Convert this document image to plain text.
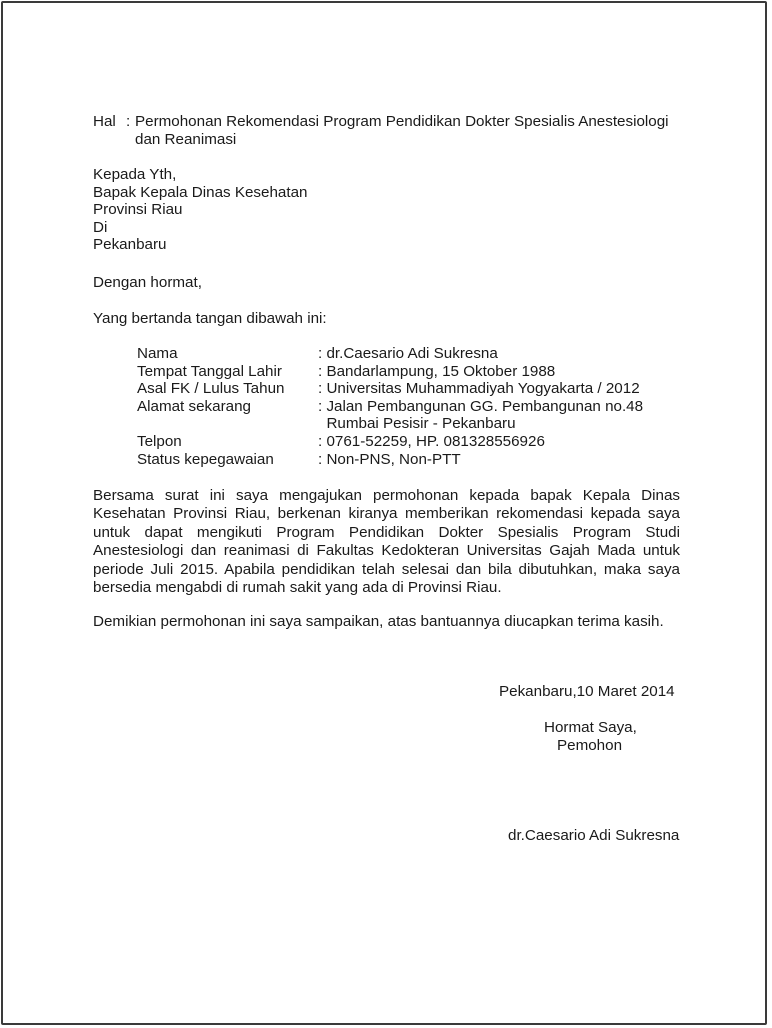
Hal : Permohonan Rekomendasi Program Pendidikan Dokter Spesialis Anestesiologi
dan Reanimasi
Kepada Yth,
Bapak Kepala Dinas Kesehatan
Provinsi Riau
Di
Pekanbaru
Dengan hormat,
Yang bertanda tangan dibawah ini:
Nama	: dr.Caesario Adi Sukresna
Tempat Tanggal Lahir : Bandarlampung, 15 Oktober 1988
Asal FK / Lulus Tahun : Universitas Muhammadiyah Yogyakarta / 2012
Alamat sekarang	: Jalan Pembangunan GG. Pembangunan no.48
Rumbai Pesisir - Pekanbaru
Telpon	: 0761-52259, HP. 081328556926
Status kepegawaian	: Non-PNS, Non-PTT
Bersama surat ini saya mengajukan permohonan kepada bapak Kepala Dinas Kesehatan Provinsi Riau, berkenan kiranya memberikan rekomendasi kepada saya untuk dapat mengikuti Program Pendidikan Dokter Spesialis Program Studi Anestesiologi dan reanimasi di Fakultas Kedokteran Universitas Gajah Mada untuk periode Juli 2015. Apabila pendidikan telah selesai dan bila dibutuhkan, maka saya bersedia mengabdi di rumah sakit yang ada di Provinsi Riau.
Demikian permohonan ini saya sampaikan, atas bantuannya diucapkan terima kasih.
Pekanbaru,10 Maret 2014
Hormat Saya,
Pemohon
dr.Caesario Adi Sukresna
